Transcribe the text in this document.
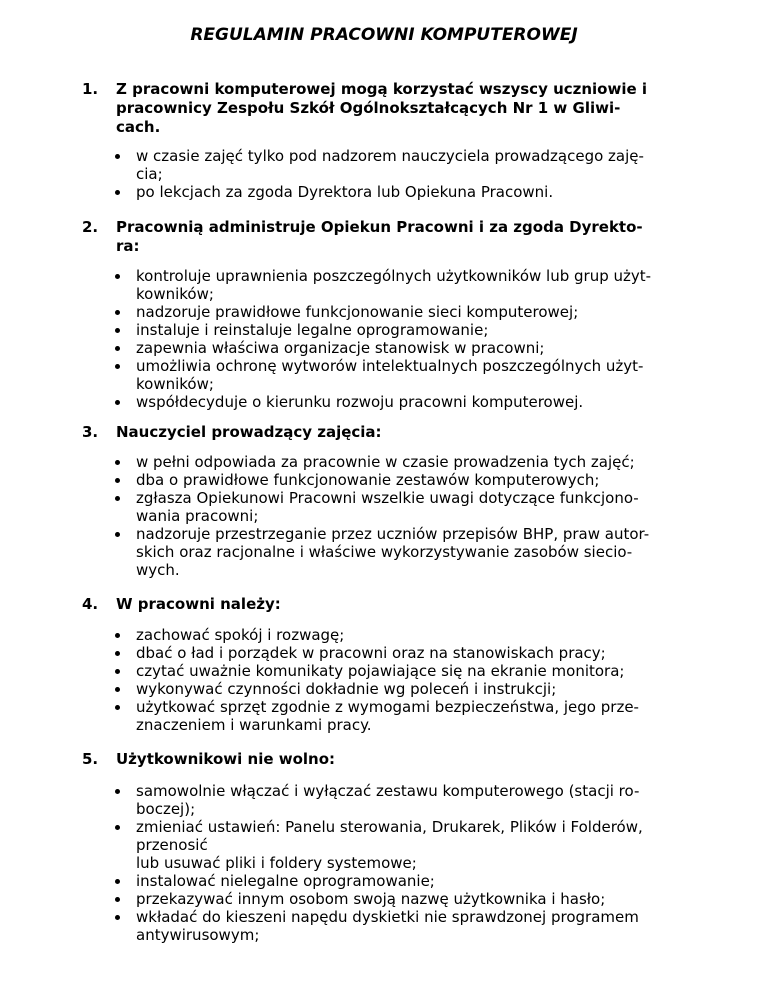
REGULAMIN PRACOWNI KOMPUTEROWEJ
1.	Z pracowni komputerowej mogą korzystać wszyscy uczniowie i
pracownicy Zespołu Szkół Ogólnokształcących Nr 1 w Gliwi-
cach.
w czasie zajęć tylko pod nadzorem nauczyciela prowadzącego zaję-
cia;
po lekcjach za zgoda Dyrektora lub Opiekuna Pracowni.
2.	Pracownią administruje Opiekun Pracowni i za zgoda Dyrekto-
ra:
kontroluje uprawnienia poszczególnych użytkowników lub grup użyt-
kowników;
nadzoruje prawidłowe funkcjonowanie sieci komputerowej;
instaluje i reinstaluje legalne oprogramowanie;
zapewnia właściwa organizacje stanowisk w pracowni;
umożliwia ochronę wytworów intelektualnych poszczególnych użyt-
kowników;
współdecyduje o kierunku rozwoju pracowni komputerowej.
3.	Nauczyciel prowadzący zajęcia:
w pełni odpowiada za pracownie w czasie prowadzenia tych zajęć;
dba o prawidłowe funkcjonowanie zestawów komputerowych;
zgłasza Opiekunowi Pracowni wszelkie uwagi dotyczące funkcjono-
wania pracowni;
nadzoruje przestrzeganie przez uczniów przepisów BHP, praw autor-
skich oraz racjonalne i właściwe wykorzystywanie zasobów siecio-
wych.
4.	W pracowni należy:
zachować spokój i rozwagę;
dbać o ład i porządek w pracowni oraz na stanowiskach pracy;
czytać uważnie komunikaty pojawiające się na ekranie monitora;
wykonywać czynności dokładnie wg poleceń i instrukcji;
użytkować sprzęt zgodnie z wymogami bezpieczeństwa, jego prze-
znaczeniem i warunkami pracy.
5.	Użytkownikowi nie wolno:
samowolnie włączać i wyłączać zestawu komputerowego (stacji ro-
boczej);
zmieniać ustawień: Panelu sterowania, Drukarek, Plików i Folderów,
przenosić
lub usuwać pliki i foldery systemowe;
instalować nielegalne oprogramowanie;
przekazywać innym osobom swoją nazwę użytkownika i hasło;
wkładać do kieszeni napędu dyskietki nie sprawdzonej programem
antywirusowym;
